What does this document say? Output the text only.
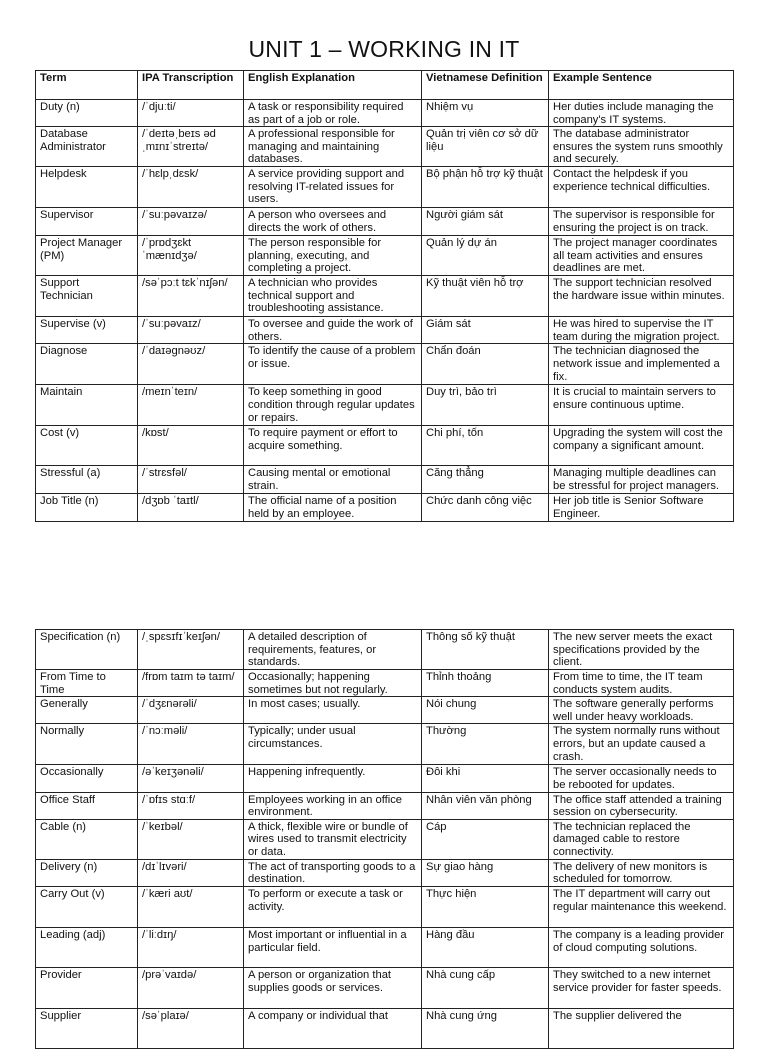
UNIT 1 – WORKING IN IT
Term	IPA Transcription	English Explanation	Vietnamese Definition	Example Sentence
Duty (n)	/ˈdjuːti/	A task or responsibility required as part of a job or role.	Nhiệm vụ	Her duties include managing the company's IT systems.
Database Administrator	/ˈdeɪtəˌbeɪs ədˌmɪnɪˈstreɪtə/	A professional responsible for managing and maintaining databases.	Quản trị viên cơ sở dữ liệu	The database administrator ensures the system runs smoothly and securely.
Helpdesk	/ˈhɛlpˌdɛsk/	A service providing support and resolving IT-related issues for users.	Bộ phận hỗ trợ kỹ thuật	Contact the helpdesk if you experience technical difficulties.
Supervisor	/ˈsuːpəvaɪzə/	A person who oversees and directs the work of others.	Người giám sát	The supervisor is responsible for ensuring the project is on track.
Project Manager (PM)	/ˈprɒdʒɛkt ˈmænɪdʒə/	The person responsible for planning, executing, and completing a project.	Quản lý dự án	The project manager coordinates all team activities and ensures deadlines are met.
Support Technician	/səˈpɔːt tɛkˈnɪʃən/	A technician who provides technical support and troubleshooting assistance.	Kỹ thuật viên hỗ trợ	The support technician resolved the hardware issue within minutes.
Supervise (v)	/ˈsuːpəvaɪz/	To oversee and guide the work of others.	Giám sát	He was hired to supervise the IT team during the migration project.
Diagnose	/ˈdaɪəgnəʊz/	To identify the cause of a problem or issue.	Chẩn đoán	The technician diagnosed the network issue and implemented a fix.
Maintain	/meɪnˈteɪn/	To keep something in good condition through regular updates or repairs.	Duy trì, bảo trì	It is crucial to maintain servers to ensure continuous uptime.
Cost (v)	/kɒst/	To require payment or effort to acquire something.	Chi phí, tốn	Upgrading the system will cost the company a significant amount.
Stressful (a)	/ˈstrɛsfəl/	Causing mental or emotional strain.	Căng thẳng	Managing multiple deadlines can be stressful for project managers.
Job Title (n)	/dʒɒb ˈtaɪtl/	The official name of a position held by an employee.	Chức danh công việc	Her job title is Senior Software Engineer.
Specification (n)	/ˌspɛsɪfɪˈkeɪʃən/	A detailed description of requirements, features, or standards.	Thông số kỹ thuật	The new server meets the exact specifications provided by the client.
From Time to Time	/frɒm taɪm tə taɪm/	Occasionally; happening sometimes but not regularly.	Thỉnh thoảng	From time to time, the IT team conducts system audits.
Generally	/ˈdʒɛnərəli/	In most cases; usually.	Nói chung	The software generally performs well under heavy workloads.
Normally	/ˈnɔːməli/	Typically; under usual circumstances.	Thường	The system normally runs without errors, but an update caused a crash.
Occasionally	/əˈkeɪʒənəli/	Happening infrequently.	Đôi khi	The server occasionally needs to be rebooted for updates.
Office Staff	/ˈɒfɪs stɑːf/	Employees working in an office environment.	Nhân viên văn phòng	The office staff attended a training session on cybersecurity.
Cable (n)	/ˈkeɪbəl/	A thick, flexible wire or bundle of wires used to transmit electricity or data.	Cáp	The technician replaced the damaged cable to restore connectivity.
Delivery (n)	/dɪˈlɪvəri/	The act of transporting goods to a destination.	Sự giao hàng	The delivery of new monitors is scheduled for tomorrow.
Carry Out (v)	/ˈkæri aʊt/	To perform or execute a task or activity.	Thực hiện	The IT department will carry out regular maintenance this weekend.
Leading (adj)	/ˈliːdɪŋ/	Most important or influential in a particular field.	Hàng đầu	The company is a leading provider of cloud computing solutions.
Provider	/prəˈvaɪdə/	A person or organization that supplies goods or services.	Nhà cung cấp	They switched to a new internet service provider for faster speeds.
Supplier	/səˈplaɪə/	A company or individual that	Nhà cung ứng	The supplier delivered the
